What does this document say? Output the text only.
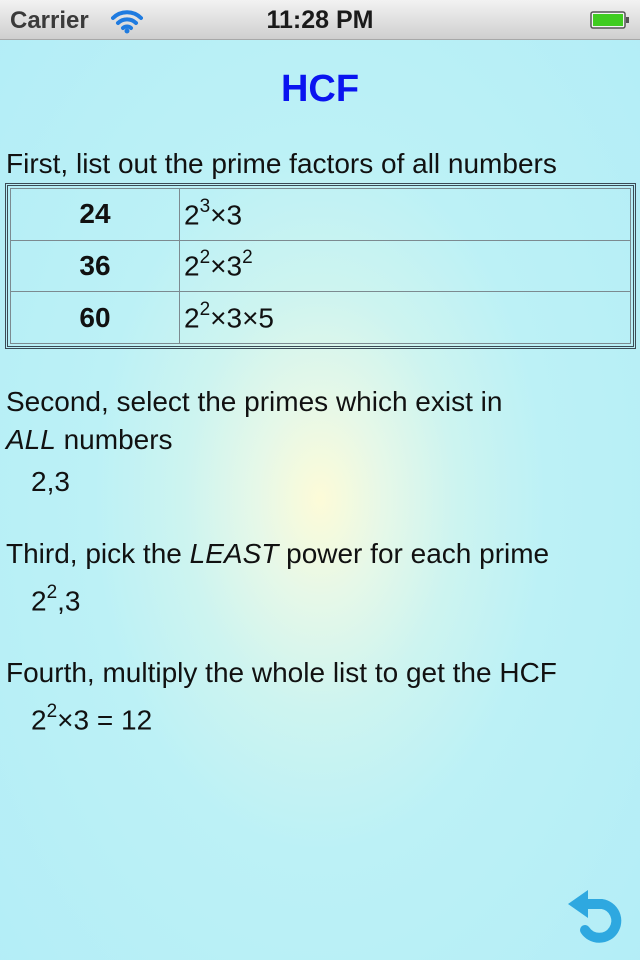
Carrier	11:28 PM
HCF
First, list out the prime factors of all numbers
24	$2^3\times 3$
36	$2^2\times 3^2$
60	$2^2\times 3\times 5$
Second, select the primes which exist in
ALL numbers
2,3
Third, pick the LEAST power for each prime
$2^2,3$
Fourth, multiply the whole list to get the HCF
$2^2\times 3 = 12$
